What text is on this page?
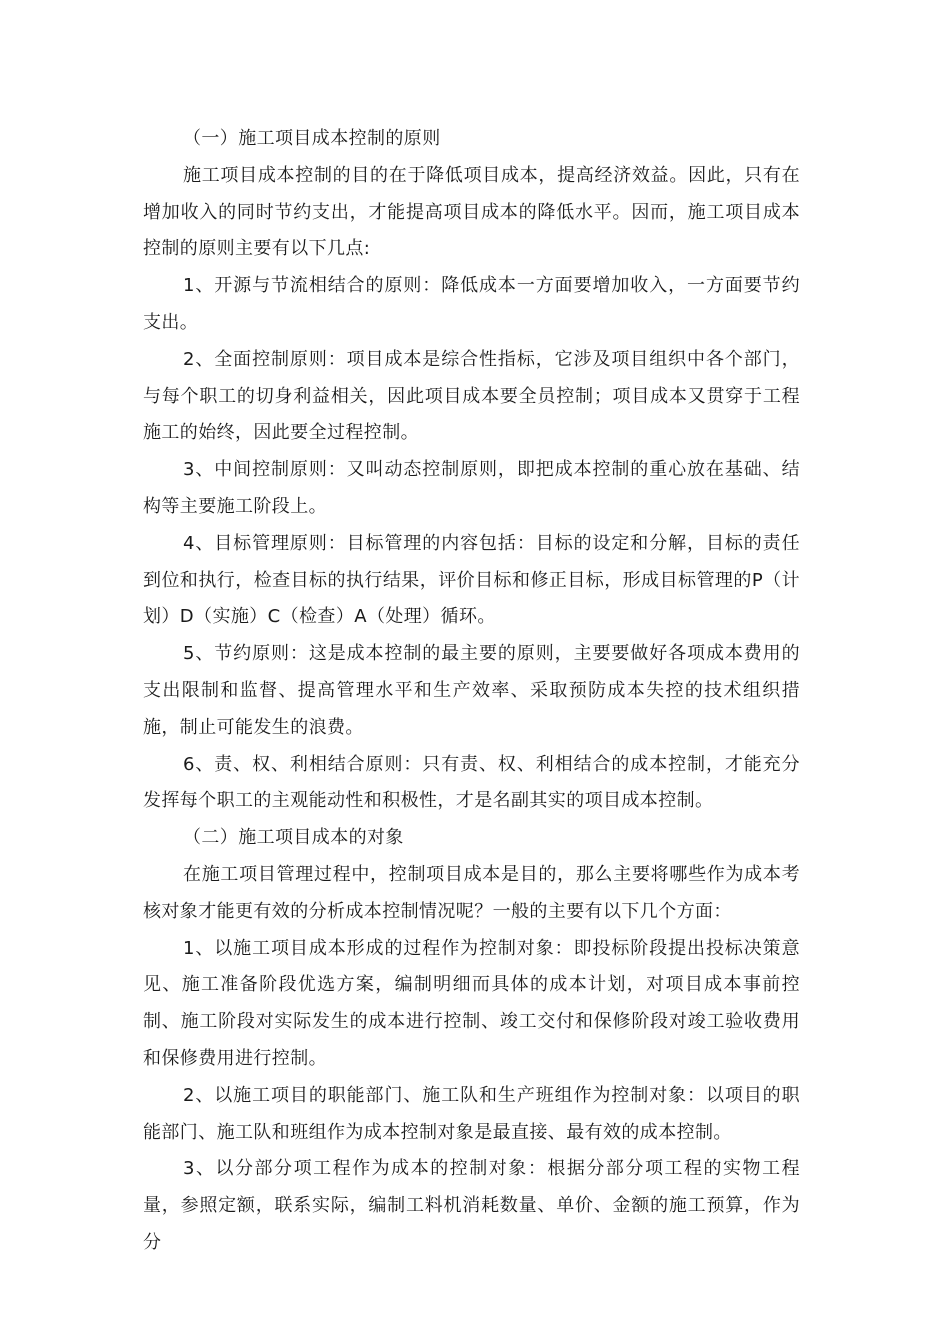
（一）施工项目成本控制的原则

施工项目成本控制的目的在于降低项目成本，提高经济效益。因此，只有在增加收入的同时节约支出，才能提高项目成本的降低水平。因而，施工项目成本控制的原则主要有以下几点:

1、开源与节流相结合的原则：降低成本一方面要增加收入，一方面要节约支出。

2、全面控制原则：项目成本是综合性指标，它涉及项目组织中各个部门，与每个职工的切身利益相关，因此项目成本要全员控制；项目成本又贯穿于工程施工的始终，因此要全过程控制。

3、中间控制原则：又叫动态控制原则，即把成本控制的重心放在基础、结构等主要施工阶段上。

4、目标管理原则：目标管理的内容包括：目标的设定和分解，目标的责任到位和执行，检查目标的执行结果，评价目标和修正目标，形成目标管理的P（计划）D（实施）C（检查）A（处理）循环。

5、节约原则：这是成本控制的最主要的原则，主要要做好各项成本费用的支出限制和监督、提高管理水平和生产效率、采取预防成本失控的技术组织措施，制止可能发生的浪费。

6、责、权、利相结合原则：只有责、权、利相结合的成本控制，才能充分发挥每个职工的主观能动性和积极性，才是名副其实的项目成本控制。

（二）施工项目成本的对象

在施工项目管理过程中，控制项目成本是目的，那么主要将哪些作为成本考核对象才能更有效的分析成本控制情况呢？一般的主要有以下几个方面：

1、以施工项目成本形成的过程作为控制对象：即投标阶段提出投标决策意见、施工准备阶段优选方案，编制明细而具体的成本计划，对项目成本事前控制、施工阶段对实际发生的成本进行控制、竣工交付和保修阶段对竣工验收费用和保修费用进行控制。

2、以施工项目的职能部门、施工队和生产班组作为控制对象：以项目的职能部门、施工队和班组作为成本控制对象是最直接、最有效的成本控制。

3、以分部分项工程作为成本的控制对象：根据分部分项工程的实物工程量，参照定额，联系实际，编制工料机消耗数量、单价、金额的施工预算，作为分
